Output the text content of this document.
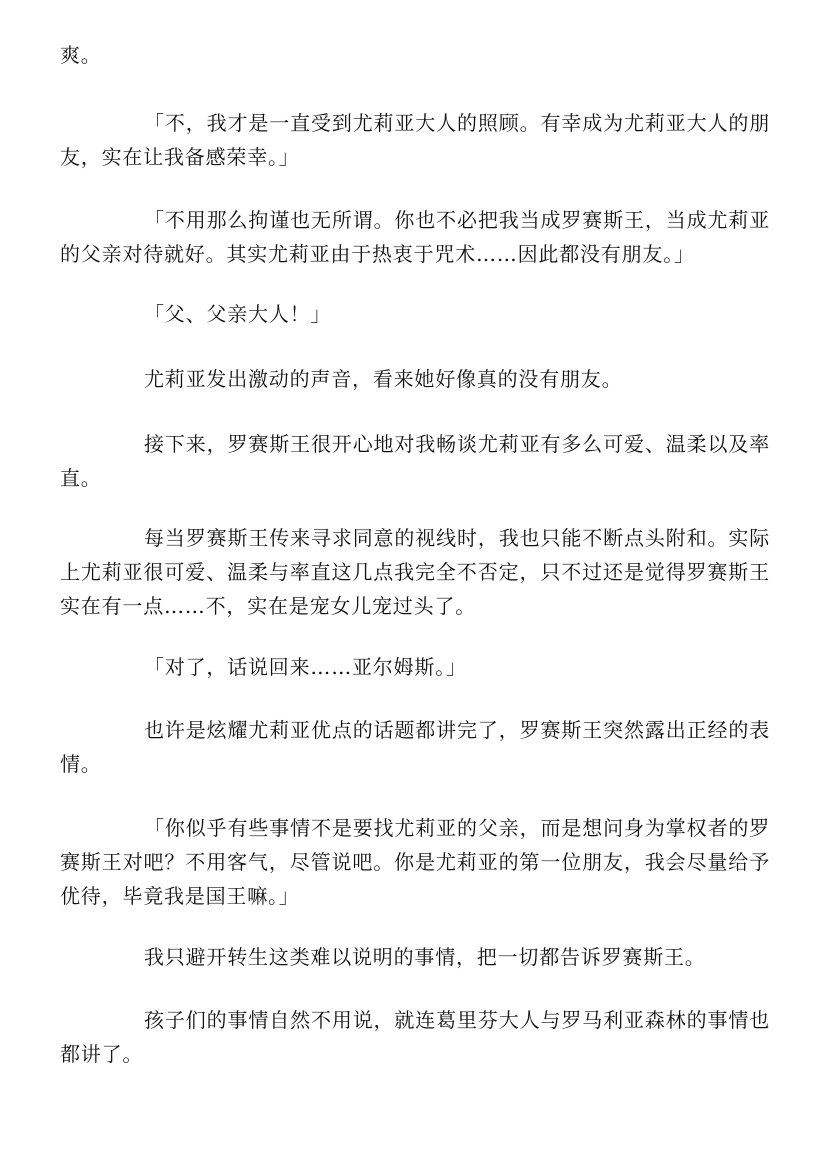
爽。

「不，我才是一直受到尤莉亚大人的照顾。有幸成为尤莉亚大人的朋友，实在让我备感荣幸。」

「不用那么拘谨也无所谓。你也不必把我当成罗赛斯王，当成尤莉亚的父亲对待就好。其实尤莉亚由于热衷于咒术……因此都没有朋友。」

「父、父亲大人！」

尤莉亚发出激动的声音，看来她好像真的没有朋友。

接下来，罗赛斯王很开心地对我畅谈尤莉亚有多么可爱、温柔以及率直。

每当罗赛斯王传来寻求同意的视线时，我也只能不断点头附和。实际上尤莉亚很可爱、温柔与率直这几点我完全不否定，只不过还是觉得罗赛斯王实在有一点……不，实在是宠女儿宠过头了。

「对了，话说回来……亚尔姆斯。」

也许是炫耀尤莉亚优点的话题都讲完了，罗赛斯王突然露出正经的表情。

「你似乎有些事情不是要找尤莉亚的父亲，而是想问身为掌权者的罗赛斯王对吧？不用客气，尽管说吧。你是尤莉亚的第一位朋友，我会尽量给予优待，毕竟我是国王嘛。」

我只避开转生这类难以说明的事情，把一切都告诉罗赛斯王。

孩子们的事情自然不用说，就连葛里芬大人与罗马利亚森林的事情也都讲了。
